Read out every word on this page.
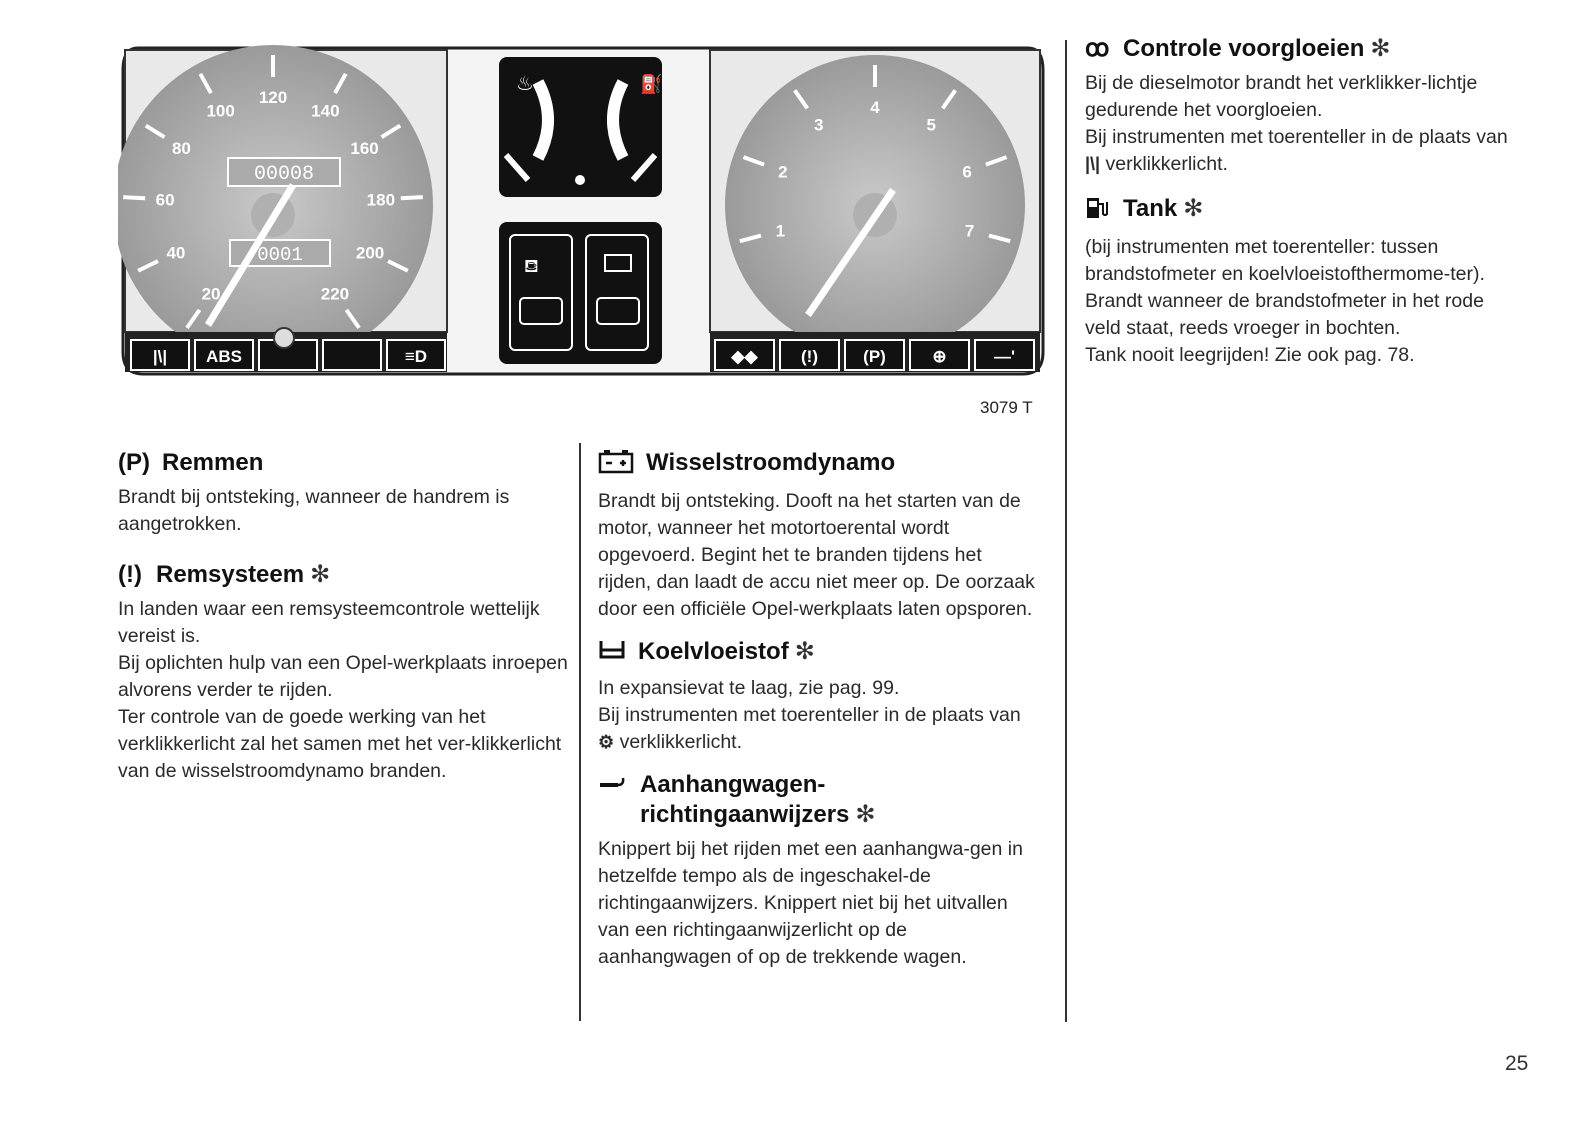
20
40
60
80
100
120
140
160
180
200
220
00008
0001
♨	⛽
⛾
1
2
3
4
5
6
7
|\| ABS	≡D	◆◆	(!)	(P)	⊕	—'
3079 T
(P) Remmen

Brandt bij ontsteking, wanneer de handrem is aangetrokken.

(!) Remsysteem ✻

In landen waar een remsysteemcontrole wettelijk vereist is.

Bij oplichten hulp van een Opel-werkplaats inroepen alvorens verder te rijden.

Ter controle van de goede werking van het verklikkerlicht zal het samen met het ver-klikkerlicht van de wisselstroomdynamo branden.

Wisselstroomdynamo

Brandt bij ontsteking. Dooft na het starten van de motor, wanneer het motortoerental wordt opgevoerd. Begint het te branden tijdens het rijden, dan laadt de accu niet meer op. De oorzaak door een officiële Opel-werkplaats laten opsporen.

Koelvloeistof ✻

In expansievat te laag, zie pag. 99.

Bij instrumenten met toerenteller in de plaats van ⚙ verklikkerlicht.

Aanhangwagen-
richtingaanwijzers ✻

Knippert bij het rijden met een aanhangwa-gen in hetzelfde tempo als de ingeschakel-de richtingaanwijzers. Knippert niet bij het uitvallen van een richtingaanwijzerlicht op de aanhangwagen of op de trekkende wagen.

ꝏ Controle voorgloeien ✻

Bij de dieselmotor brandt het verklikker-lichtje gedurende het voorgloeien.

Bij instrumenten met toerenteller in de plaats van |\| verklikkerlicht.

Tank ✻

(bij instrumenten met toerenteller: tussen brandstofmeter en koelvloeistofthermome-ter).

Brandt wanneer de brandstofmeter in het rode veld staat, reeds vroeger in bochten.

Tank nooit leegrijden! Zie ook pag. 78.

25
